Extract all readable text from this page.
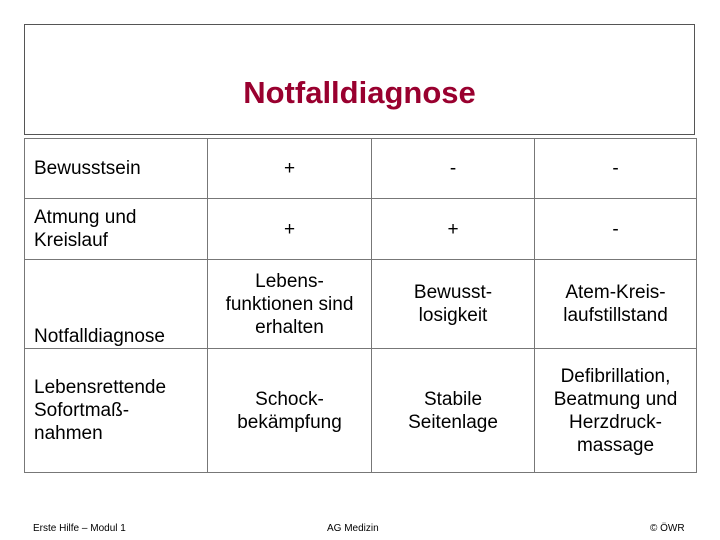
Notfalldiagnose
Bewusstsein	+	-	-
Atmung und Kreislauf	+	+	-
Notfalldiagnose	Lebens-funktionen sind erhalten	Bewusst-losigkeit	Atem-Kreis-laufstillstand

Lebensrettende Sofortmaß-nahmen	Schock-bekämpfung	Stabile Seitenlage	Defibrillation, Beatmung und Herzdruck-massage
Erste Hilfe – Modul 1	AG Medizin	© ÖWR
